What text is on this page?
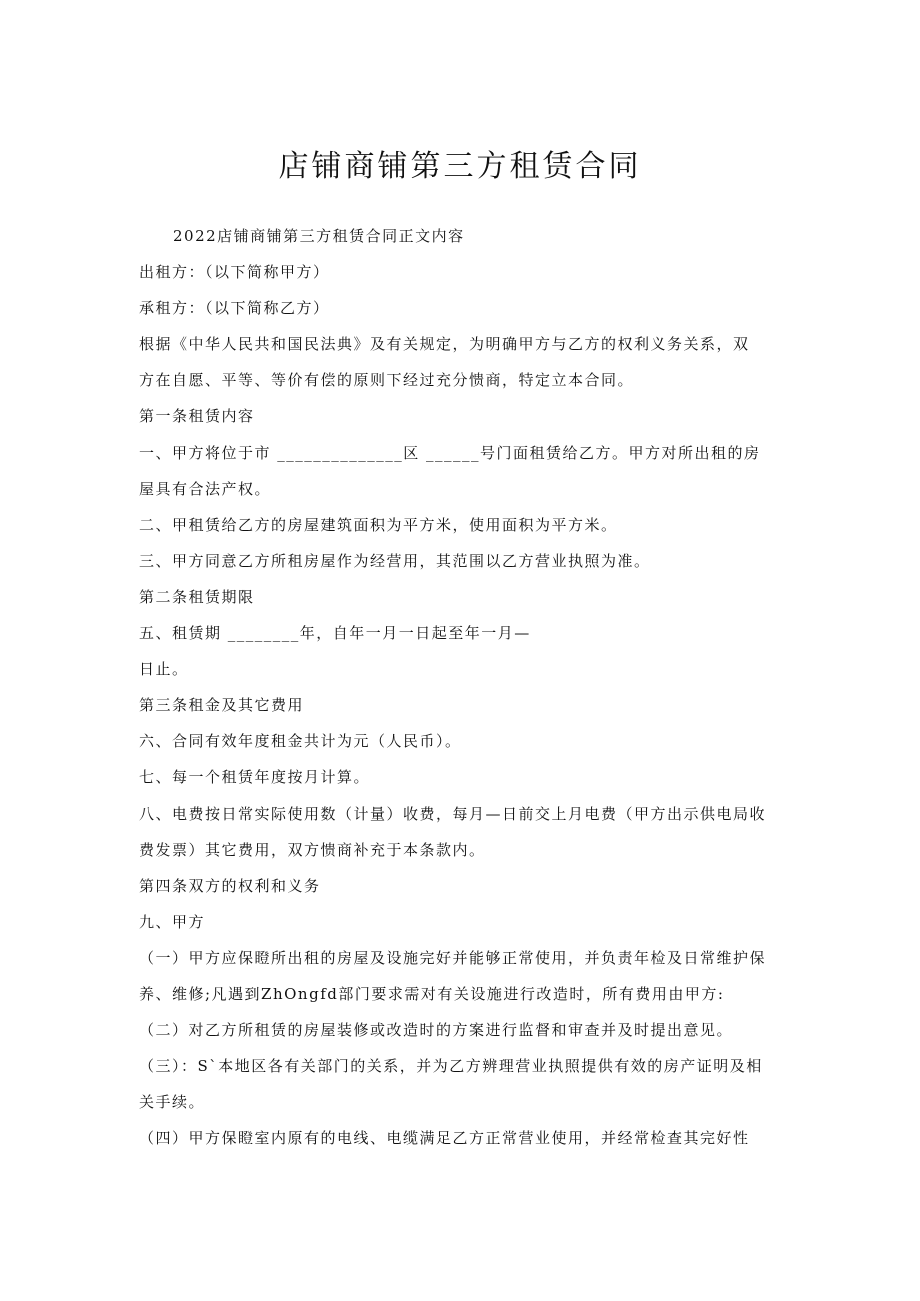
店铺商铺第三方租赁合同
2022店铺商铺第三方租赁合同正文内容
出租方：（以下简称甲方）
承租方：（以下简称乙方）
根据《中华人民共和国民法典》及有关规定，为明确甲方与乙方的权利义务关系，双
方在自愿、平等、等价有偿的原则下经过充分愦商，特定立本合同。
第一条租赁内容
一、甲方将位于市 ______________区 ______号门面租赁给乙方。甲方对所出租的房
屋具有合法产权。
二、甲租赁给乙方的房屋建筑面积为平方米，使用面积为平方米。
三、甲方同意乙方所租房屋作为经营用，其范围以乙方营业执照为准。
第二条租赁期限
五、租赁期 ________年，自年一月一日起至年一月—
日止。
第三条租金及其它费用
六、合同有效年度租金共计为元（人民币）。
七、每一个租赁年度按月计算。
八、电费按日常实际使用数（计量）收费，每月—日前交上月电费（甲方出示供电局收
费发票）其它费用，双方愦商补充于本条款内。
第四条双方的权利和义务
九、甲方
（一）甲方应保瞪所出租的房屋及设施完好并能够正常使用，并负责年检及日常维护保
养、维修;凡遇到ZhOngfd部门要求需对有关设施进行改造时，所有费用由甲方:
（二）对乙方所租赁的房屋装修或改造时的方案进行监督和审查并及时提出意见。
（三）：S`本地区各有关部门的关系，并为乙方辨理营业执照提供有效的房产证明及相
关手续。
（四）甲方保瞪室内原有的电线、电缆满足乙方正常营业使用，并经常检查其完好性
